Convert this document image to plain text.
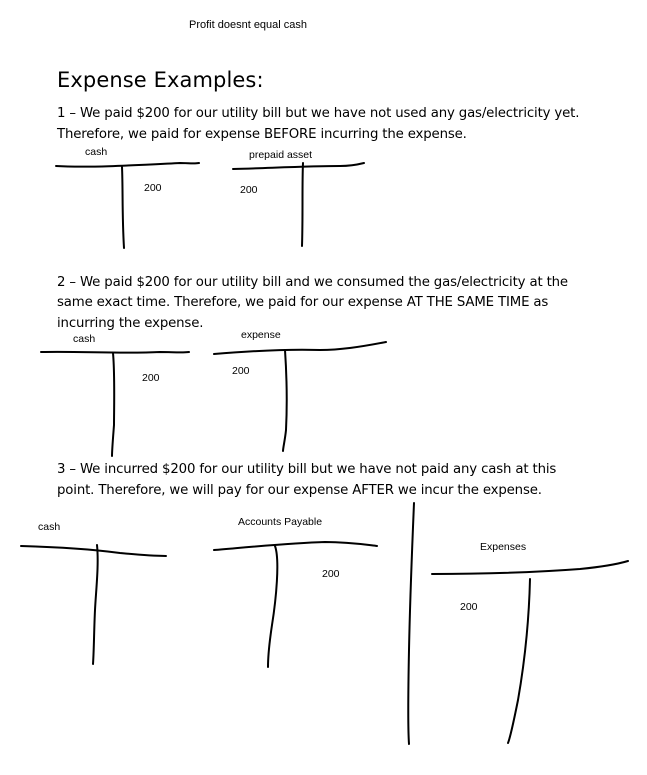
Profit doesnt equal cash
Expense Examples:
1 – We paid $200 for our utility bill but we have not used any gas/electricity yet.
Therefore, we paid for expense BEFORE incurring the expense.
cash
200
prepaid asset
200
2 – We paid $200 for our utility bill and we consumed the gas/electricity at the
same exact time. Therefore, we paid for our expense AT THE SAME TIME as
incurring the expense.
cash
200
expense
200
3 – We incurred $200 for our utility bill but we have not paid any cash at this
point. Therefore, we will pay for our expense AFTER we incur the expense.
cash	Accounts Payable
200
Expenses
200
